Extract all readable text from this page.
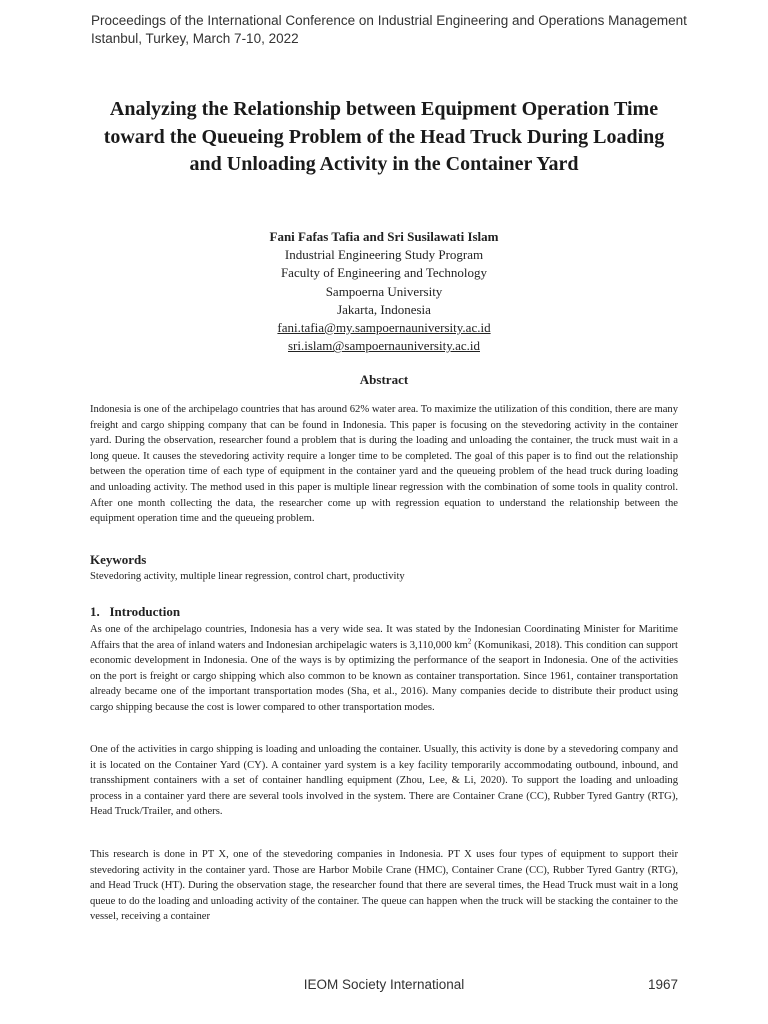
Proceedings of the International Conference on Industrial Engineering and Operations Management
Istanbul, Turkey, March 7-10, 2022
Analyzing the Relationship between Equipment Operation Time toward the Queueing Problem of the Head Truck During Loading and Unloading Activity in the Container Yard
Fani Fafas Tafia and Sri Susilawati Islam
Industrial Engineering Study Program
Faculty of Engineering and Technology
Sampoerna University
Jakarta, Indonesia
fani.tafia@my.sampoernauniversity.ac.id
sri.islam@sampoernauniversity.ac.id
Abstract

Indonesia is one of the archipelago countries that has around 62% water area. To maximize the utilization of this condition, there are many freight and cargo shipping company that can be found in Indonesia. This paper is focusing on the stevedoring activity in the container yard. During the observation, researcher found a problem that is during the loading and unloading the container, the truck must wait in a long queue. It causes the stevedoring activity require a longer time to be completed. The goal of this paper is to find out the relationship between the operation time of each type of equipment in the container yard and the queueing problem of the head truck during loading and unloading activity. The method used in this paper is multiple linear regression with the combination of some tools in quality control. After one month collecting the data, the researcher come up with regression equation to understand the relationship between the equipment operation time and the queueing problem.

Keywords

Stevedoring activity, multiple linear regression, control chart, productivity

1.   Introduction

As one of the archipelago countries, Indonesia has a very wide sea. It was stated by the Indonesian Coordinating Minister for Maritime Affairs that the area of inland waters and Indonesian archipelagic waters is 3,110,000 $km^2$ (Komunikasi, 2018). This condition can support economic development in Indonesia. One of the ways is by optimizing the performance of the seaport in Indonesia. One of the activities on the port is freight or cargo shipping which also common to be known as container transportation. Since 1961, container transportation already became one of the important transportation modes (Sha, et al., 2016). Many companies decide to distribute their product using cargo shipping because the cost is lower compared to other transportation modes.

One of the activities in cargo shipping is loading and unloading the container. Usually, this activity is done by a stevedoring company and it is located on the Container Yard (CY). A container yard system is a key facility temporarily accommodating outbound, inbound, and transshipment containers with a set of container handling equipment (Zhou, Lee, & Li, 2020). To support the loading and unloading process in a container yard there are several tools involved in the system. There are Container Crane (CC), Rubber Tyred Gantry (RTG), Head Truck/Trailer, and others.

This research is done in PT X, one of the stevedoring companies in Indonesia. PT X uses four types of equipment to support their stevedoring activity in the container yard. Those are Harbor Mobile Crane (HMC), Container Crane (CC), Rubber Tyred Gantry (RTG), and Head Truck (HT). During the observation stage, the researcher found that there are several times, the Head Truck must wait in a long queue to do the loading and unloading activity of the container. The queue can happen when the truck will be stacking the container to the vessel, receiving a container

IEOM Society International	1967
